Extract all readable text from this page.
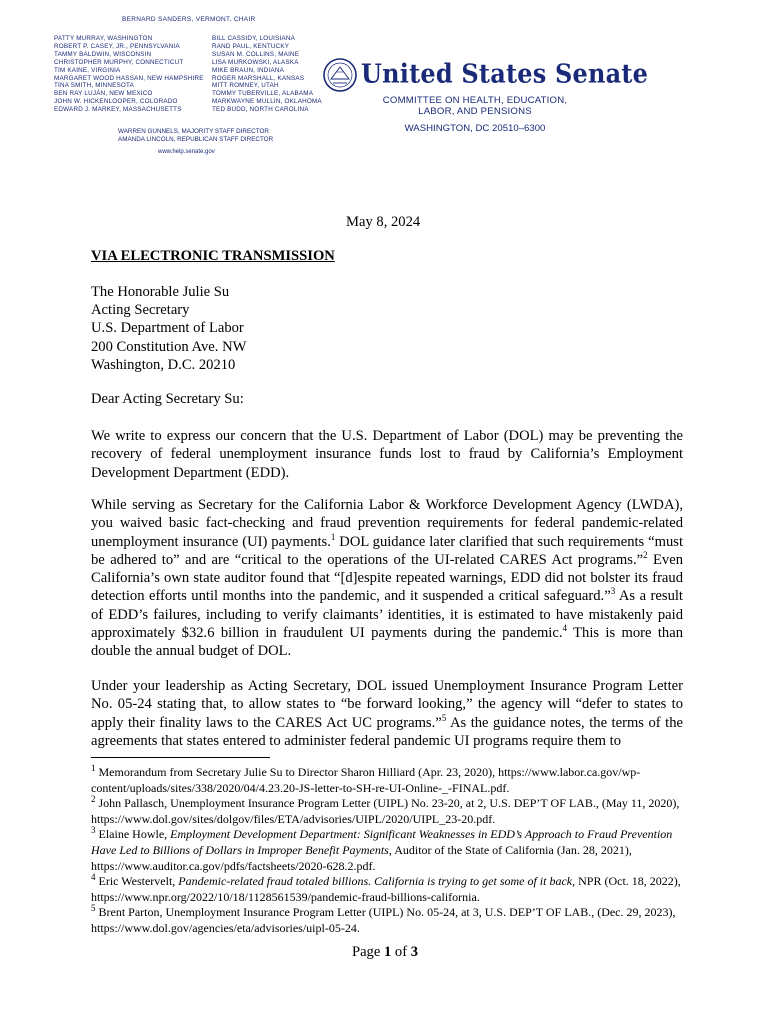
BERNARD SANDERS, VERMONT, CHAIR
PATTY MURRAY, WASHINGTON
ROBERT P. CASEY, JR., PENNSYLVANIA
TAMMY BALDWIN, WISCONSIN
CHRISTOPHER MURPHY, CONNECTICUT
TIM KAINE, VIRGINIA
MARGARET WOOD HASSAN, NEW HAMPSHIRE
TINA SMITH, MINNESOTA
BEN RAY LUJÁN, NEW MEXICO
JOHN W. HICKENLOOPER, COLORADO
EDWARD J. MARKEY, MASSACHUSETTS
BILL CASSIDY, LOUISIANA
RAND PAUL, KENTUCKY
SUSAN M. COLLINS, MAINE
LISA MURKOWSKI, ALASKA
MIKE BRAUN, INDIANA
ROGER MARSHALL, KANSAS
MITT ROMNEY, UTAH
TOMMY TUBERVILLE, ALABAMA
MARKWAYNE MULLIN, OKLAHOMA
TED BUDD, NORTH CAROLINA
WARREN GUNNELS, MAJORITY STAFF DIRECTOR
AMANDA LINCOLN, REPUBLICAN STAFF DIRECTOR
www.help.senate.gov
United States Senate
COMMITTEE ON HEALTH, EDUCATION,
LABOR, AND PENSIONS
WASHINGTON, DC 20510–6300
May 8, 2024
VIA ELECTRONIC TRANSMISSION
The Honorable Julie Su
Acting Secretary
U.S. Department of Labor
200 Constitution Ave. NW
Washington, D.C. 20210
Dear Acting Secretary Su:
We write to express our concern that the U.S. Department of Labor (DOL) may be preventing the recovery of federal unemployment insurance funds lost to fraud by California’s Employment Development Department (EDD).
While serving as Secretary for the California Labor & Workforce Development Agency (LWDA), you waived basic fact-checking and fraud prevention requirements for federal pandemic-related unemployment insurance (UI) payments.$^1$ DOL guidance later clarified that such requirements “must be adhered to” and are “critical to the operations of the UI-related CARES Act programs.”$^2$ Even California’s own state auditor found that “[d]espite repeated warnings, EDD did not bolster its fraud detection efforts until months into the pandemic, and it suspended a critical safeguard.”$^3$ As a result of EDD’s failures, including to verify claimants’ identities, it is estimated to have mistakenly paid approximately $32.6 billion in fraudulent UI payments during the pandemic.$^4$ This is more than double the annual budget of DOL.
Under your leadership as Acting Secretary, DOL issued Unemployment Insurance Program Letter No. 05-24 stating that, to allow states to “be forward looking,” the agency will “defer to states to apply their finality laws to the CARES Act UC programs.”$^5$ As the guidance notes, the terms of the agreements that states entered to administer federal pandemic UI programs require them to

$^1$ Memorandum from Secretary Julie Su to Director Sharon Hilliard (Apr. 23, 2020), https://www.labor.ca.gov/wp-content/uploads/sites/338/2020/04/4.23.20-JS-letter-to-SH-re-UI-Online-_-FINAL.pdf.

$^2$ John Pallasch, Unemployment Insurance Program Letter (UIPL) No. 23-20, at 2, U.S. DEP’T OF LAB., (May 11, 2020), https://www.dol.gov/sites/dolgov/files/ETA/advisories/UIPL/2020/UIPL_23-20.pdf.

$^3$ Elaine Howle, Employment Development Department: Significant Weaknesses in EDD’s Approach to Fraud Prevention Have Led to Billions of Dollars in Improper Benefit Payments, Auditor of the State of California (Jan. 28, 2021), https://www.auditor.ca.gov/pdfs/factsheets/2020-628.2.pdf.

$^4$ Eric Westervelt, Pandemic-related fraud totaled billions. California is trying to get some of it back, NPR (Oct. 18, 2022), https://www.npr.org/2022/10/18/1128561539/pandemic-fraud-billions-california.

$^5$ Brent Parton, Unemployment Insurance Program Letter (UIPL) No. 05-24, at 3, U.S. DEP’T OF LAB., (Dec. 29, 2023), https://www.dol.gov/agencies/eta/advisories/uipl-05-24.

Page 1 of 3
